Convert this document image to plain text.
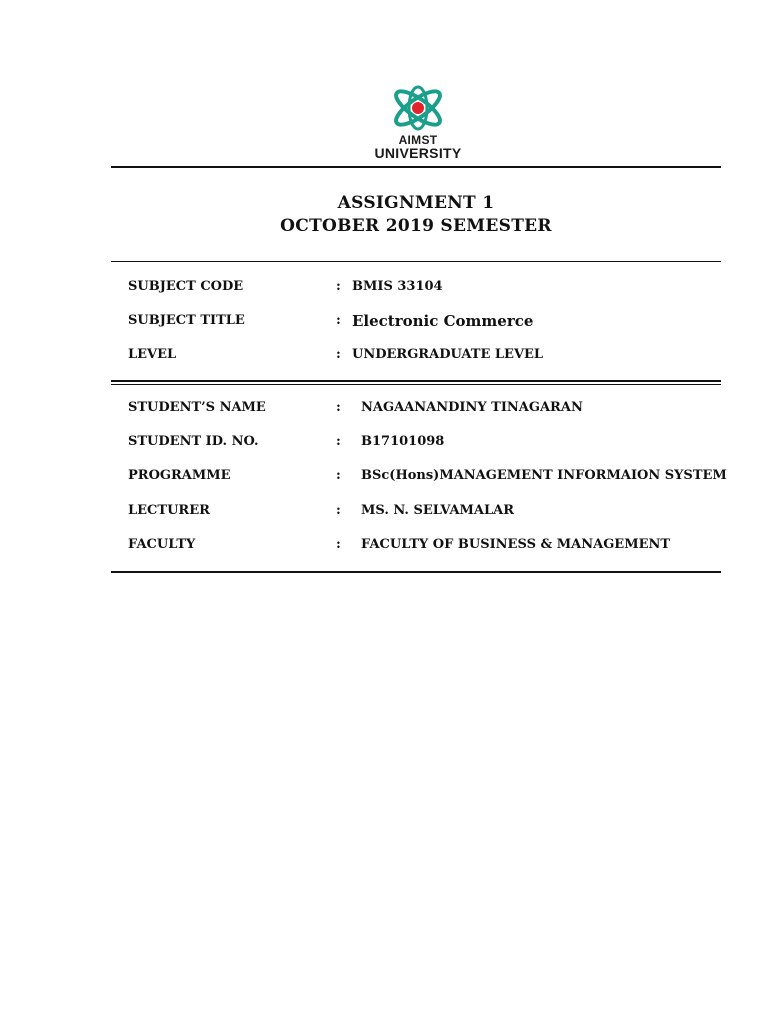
AIMST
UNIVERSITY
ASSIGNMENT 1
OCTOBER 2019 SEMESTER
SUBJECT CODE	: BMIS 33104
SUBJECT TITLE	: Electronic Commerce
LEVEL	: UNDERGRADUATE LEVEL
STUDENT’S NAME	: NAGAANANDINY TINAGARAN
STUDENT ID. NO.	: B17101098
PROGRAMME	: BSc(Hons)MANAGEMENT INFORMAION SYSTEM
LECTURER	: MS. N. SELVAMALAR
FACULTY	: FACULTY OF BUSINESS & MANAGEMENT
